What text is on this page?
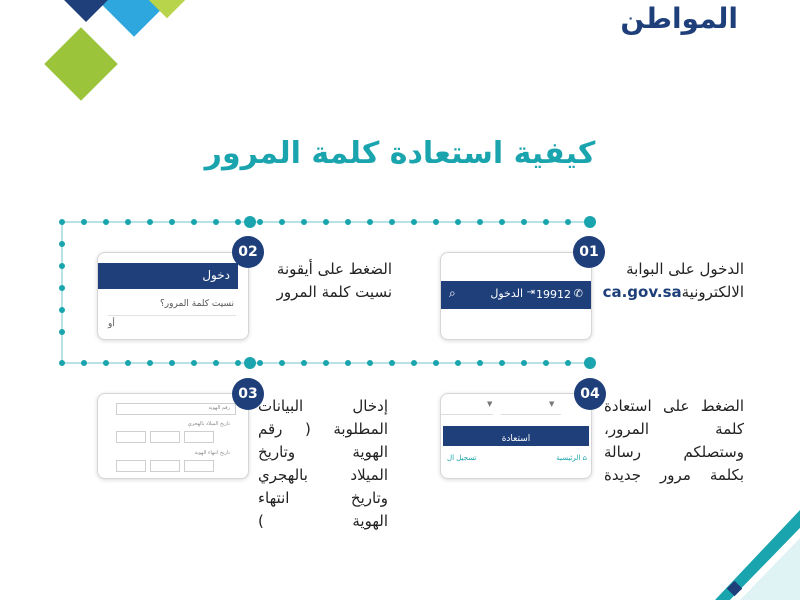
المواطن
كيفية استعادة كلمة المرور
✆
19912
الدخول ⇥
⌕
01
الدخول على البوابة
الالكترونيةca.gov.sa
دخول
نسيت كلمة المرور؟
أو
02
الضغط على أيقونة
نسيت كلمة المرور
رقم الهوية
تاريخ الميلاد بالهجري
تاريخ انتهاء الهوية
03
إدخال البيانات
المطلوبة ( رقم
الهوية وتاريخ
الميلاد بالهجري
وتاريخ انتهاء
الهوية )
▼	▼
استعادة
⌂ الرئيسية
تسجيل ال
04
الضغط على استعادة
كلمة المرور،
وستصلكم رسالة
بكلمة مرور جديدة
